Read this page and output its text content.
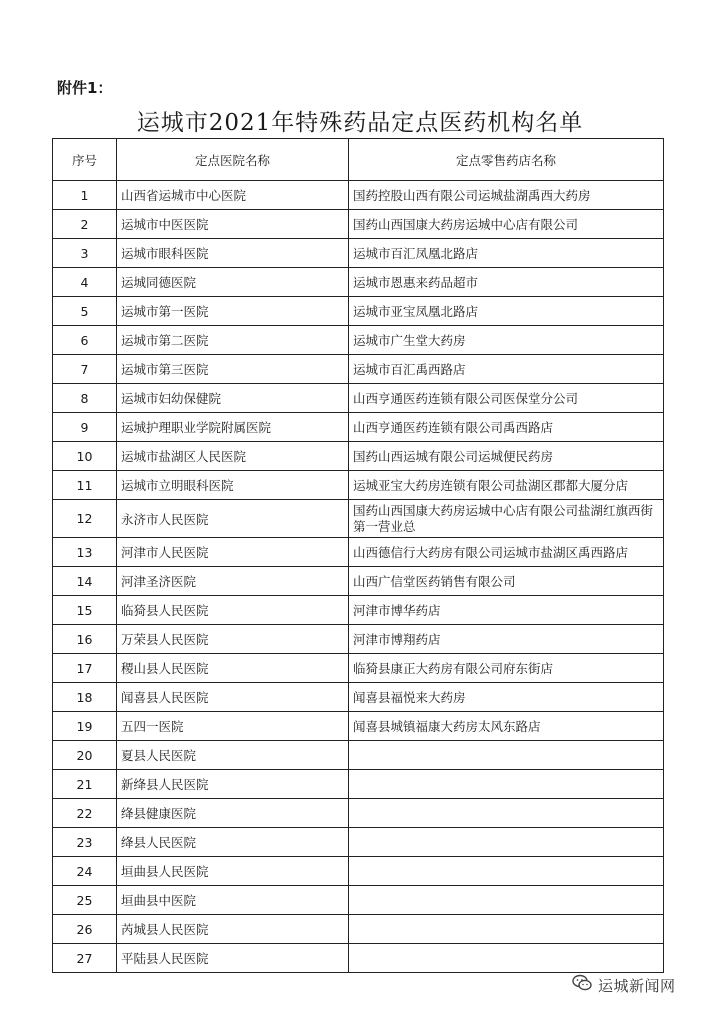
附件1：
运城市2021年特殊药品定点医药机构名单
序号	定点医院名称	定点零售药店名称
1	山西省运城市中心医院	国药控股山西有限公司运城盐湖禹西大药房
2	运城市中医医院	国药山西国康大药房运城中心店有限公司
3	运城市眼科医院	运城市百汇凤凰北路店
4	运城同德医院	运城市恩惠来药品超市
5	运城市第一医院	运城市亚宝凤凰北路店
6	运城市第二医院	运城市广生堂大药房
7	运城市第三医院	运城市百汇禹西路店
8	运城市妇幼保健院	山西亨通医药连锁有限公司医保堂分公司
9	运城护理职业学院附属医院	山西亨通医药连锁有限公司禹西路店
10	运城市盐湖区人民医院	国药山西运城有限公司运城便民药房
11	运城市立明眼科医院	运城亚宝大药房连锁有限公司盐湖区郡都大厦分店
12	永济市人民医院	国药山西国康大药房运城中心店有限公司盐湖红旗西街第一营业总
13	河津市人民医院	山西德信行大药房有限公司运城市盐湖区禹西路店
14	河津圣济医院	山西广信堂医药销售有限公司
15	临猗县人民医院	河津市博华药店
16	万荣县人民医院	河津市博翔药店
17	稷山县人民医院	临猗县康正大药房有限公司府东街店
18	闻喜县人民医院	闻喜县福悦来大药房
19	五四一医院	闻喜县城镇福康大药房太风东路店
20	夏县人民医院	
21	新绛县人民医院	
22	绛县健康医院	
23	绛县人民医院	
24	垣曲县人民医院	
25	垣曲县中医院	
26	芮城县人民医院	
27	平陆县人民医院	
运城新闻网
